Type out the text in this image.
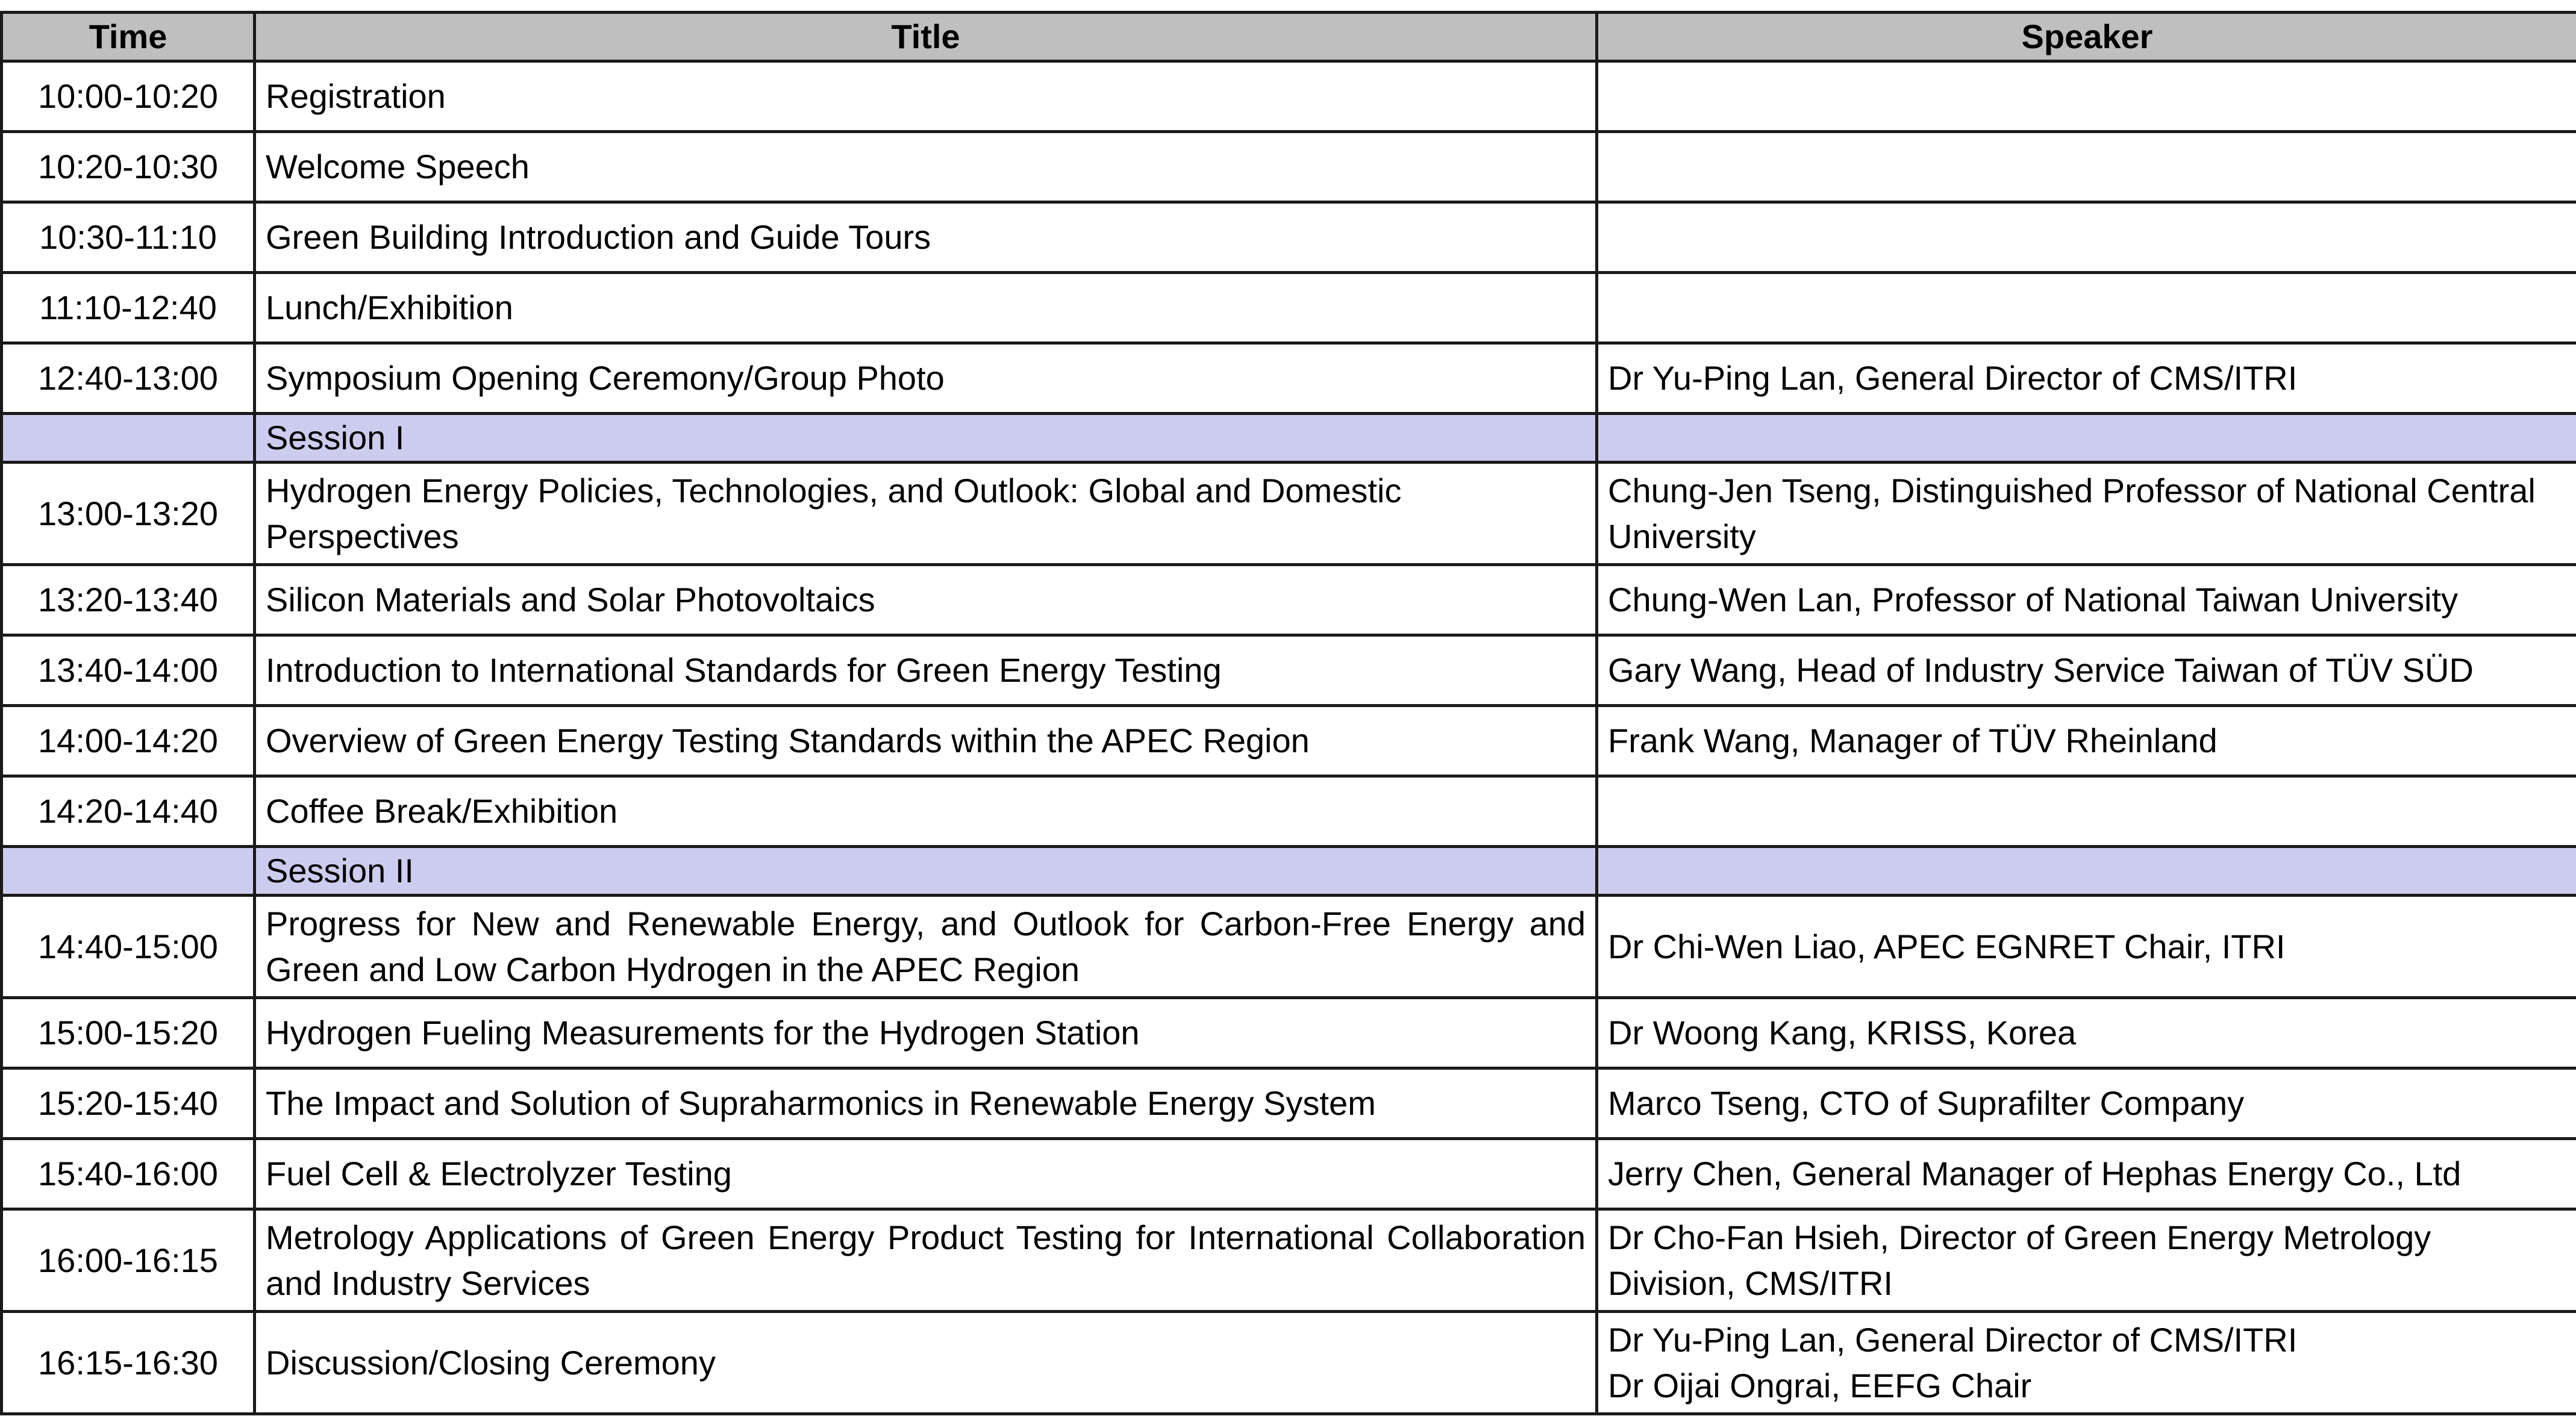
Time	Title	Speaker
10:00-10:20	Registration	
10:20-10:30	Welcome Speech	
10:30-11:10	Green Building Introduction and Guide Tours	
11:10-12:40	Lunch/Exhibition	
12:40-13:00	Symposium Opening Ceremony/Group Photo	Dr Yu-Ping Lan, General Director of CMS/ITRI
	Session I	
13:00-13:20	Hydrogen Energy Policies, Technologies, and Outlook: Global and Domestic Perspectives	Chung-Jen Tseng, Distinguished Professor of National Central University
13:20-13:40	Silicon Materials and Solar Photovoltaics	Chung-Wen Lan, Professor of National Taiwan University
13:40-14:00	Introduction to International Standards for Green Energy Testing	Gary Wang, Head of Industry Service Taiwan of TÜV SÜD
14:00-14:20	Overview of Green Energy Testing Standards within the APEC Region	Frank Wang, Manager of TÜV Rheinland
14:20-14:40	Coffee Break/Exhibition	
	Session II	
14:40-15:00	Progress for New and Renewable Energy, and Outlook for Carbon-Free Energy and Green and Low Carbon Hydrogen in the APEC Region	Dr Chi-Wen Liao, APEC EGNRET Chair, ITRI
15:00-15:20	Hydrogen Fueling Measurements for the Hydrogen Station	Dr Woong Kang, KRISS, Korea
15:20-15:40	The Impact and Solution of Supraharmonics in Renewable Energy System	Marco Tseng, CTO of Suprafilter Company
15:40-16:00	Fuel Cell & Electrolyzer Testing	Jerry Chen, General Manager of Hephas Energy Co., Ltd
16:00-16:15	Metrology Applications of Green Energy Product Testing for International Collaboration and Industry Services	Dr Cho-Fan Hsieh, Director of Green Energy Metrology Division, CMS/ITRI
16:15-16:30	Discussion/Closing Ceremony	Dr Yu-Ping Lan, General Director of CMS/ITRI
Dr Oijai Ongrai, EEFG Chair
